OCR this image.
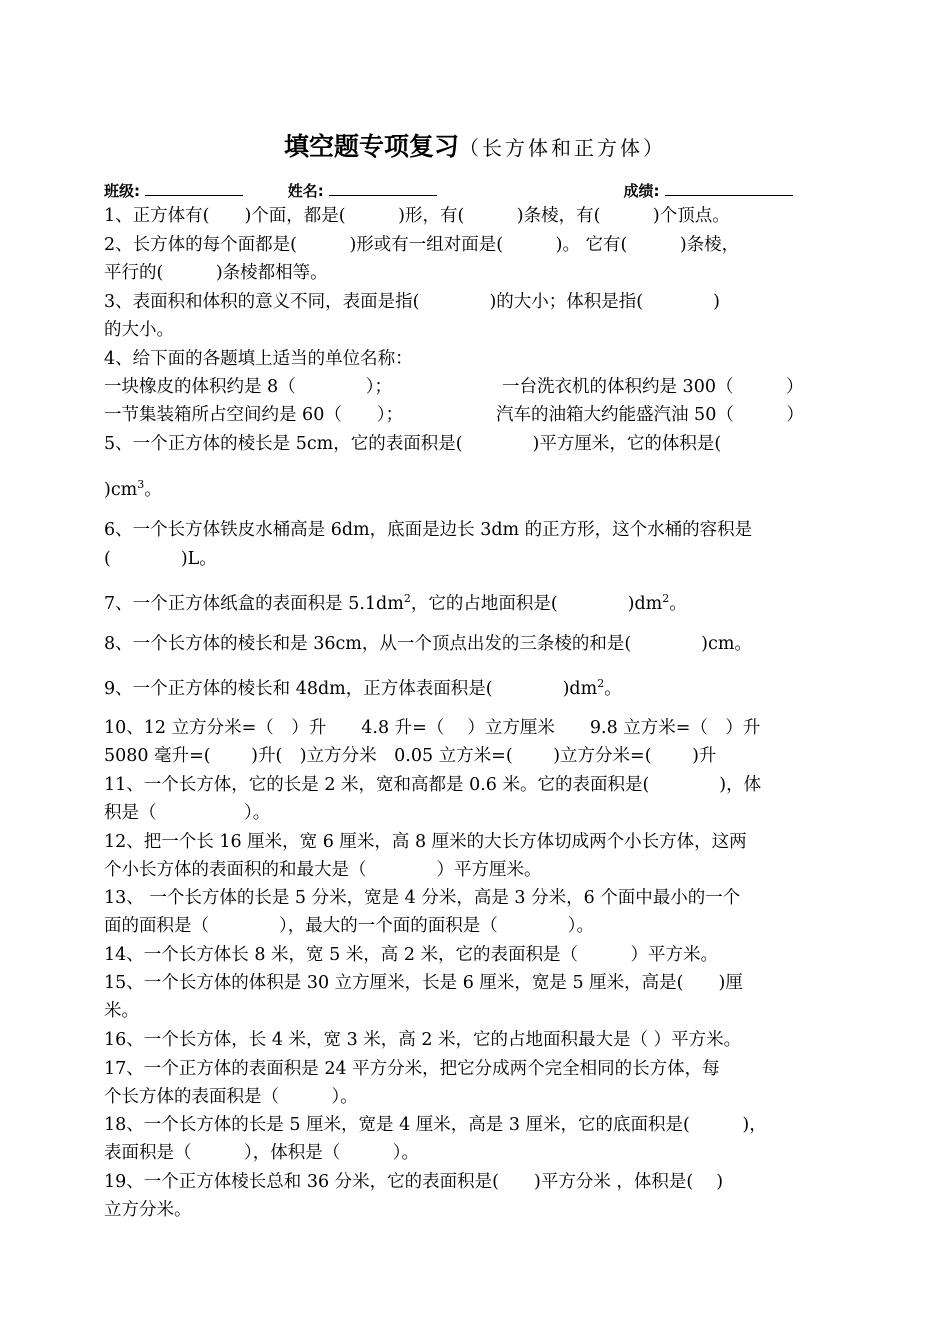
填空题专项复习（长方体和正方体）
班级:	姓名:	成绩:
1、正方体有(　　)个面，都是(　　　)形，有(　　　)条棱，有(　　　)个顶点。
2、长方体的每个面都是(　　　)形或有一组对面是(　　　)。 它有(　　　)条棱，
平行的(　　　)条棱都相等。
3、表面积和体积的意义不同，表面是指(　　　　)的大小；体积是指(　　　　)
的大小。
4、给下面的各题填上适当的单位名称：
一块橡皮的体积约是 8（　　　　）；	一台洗衣机的体积约是 300（　　　）
一节集装箱所占空间约是 60（　　）；	汽车的油箱大约能盛汽油 50（　　　）
5、一个正方体的棱长是 5cm，它的表面积是(　　　　)平方厘米，它的体积是(
)$cm^3$。
6、一个长方体铁皮水桶高是 6dm，底面是边长 3dm 的正方形，这个水桶的容积是
(　　　　)L。
7、一个正方体纸盒的表面积是 $5.1dm^2$，它的占地面积是(　　　　)$dm^2$。
8、一个长方体的棱长和是 36cm，从一个顶点出发的三条棱的和是(　　　　)cm。
9、一个正方体的棱长和 48dm，正方体表面积是(　　　　)$dm^2$。
10、12 立方分米=（　）升　　4.8 升=（　 ）立方厘米　　9.8 立方米=（　）升
5080 毫升=(　　 )升(　)立方分米　0.05 立方米=(　　 )立方分米=(　　 )升
11、一个长方体，它的长是 2 米，宽和高都是 0.6 米。它的表面积是(　　　　)，体
积是（　　　　　）。
12、把一个长 16 厘米，宽 6 厘米，高 8 厘米的大长方体切成两个小长方体，这两
个小长方体的表面积的和最大是（　　　　）平方厘米。
13、 一个长方体的长是 5 分米，宽是 4 分米，高是 3 分米，6 个面中最小的一个
面的面积是（　　　　），最大的一个面的面积是（　　　　）。
14、一个长方体长 8 米，宽 5 米，高 2 米，它的表面积是（　　　）平方米。
15、一个长方体的体积是 30 立方厘米，长是 6 厘米，宽是 5 厘米，高是(　　)厘
米。
16、一个长方体，长 4 米，宽 3 米，高 2 米，它的占地面积最大是（ ）平方米。
17、一个正方体的表面积是 24 平方分米，把它分成两个完全相同的长方体，每
个长方体的表面积是（　　　）。
18、一个长方体的长是 5 厘米，宽是 4 厘米，高是 3 厘米，它的底面积是(　　　)，
表面积是（　　　），体积是（　　　）。
19、一个正方体棱长总和 36 分米，它的表面积是(　　)平方分米 ，体积是(　 )
立方分米。
